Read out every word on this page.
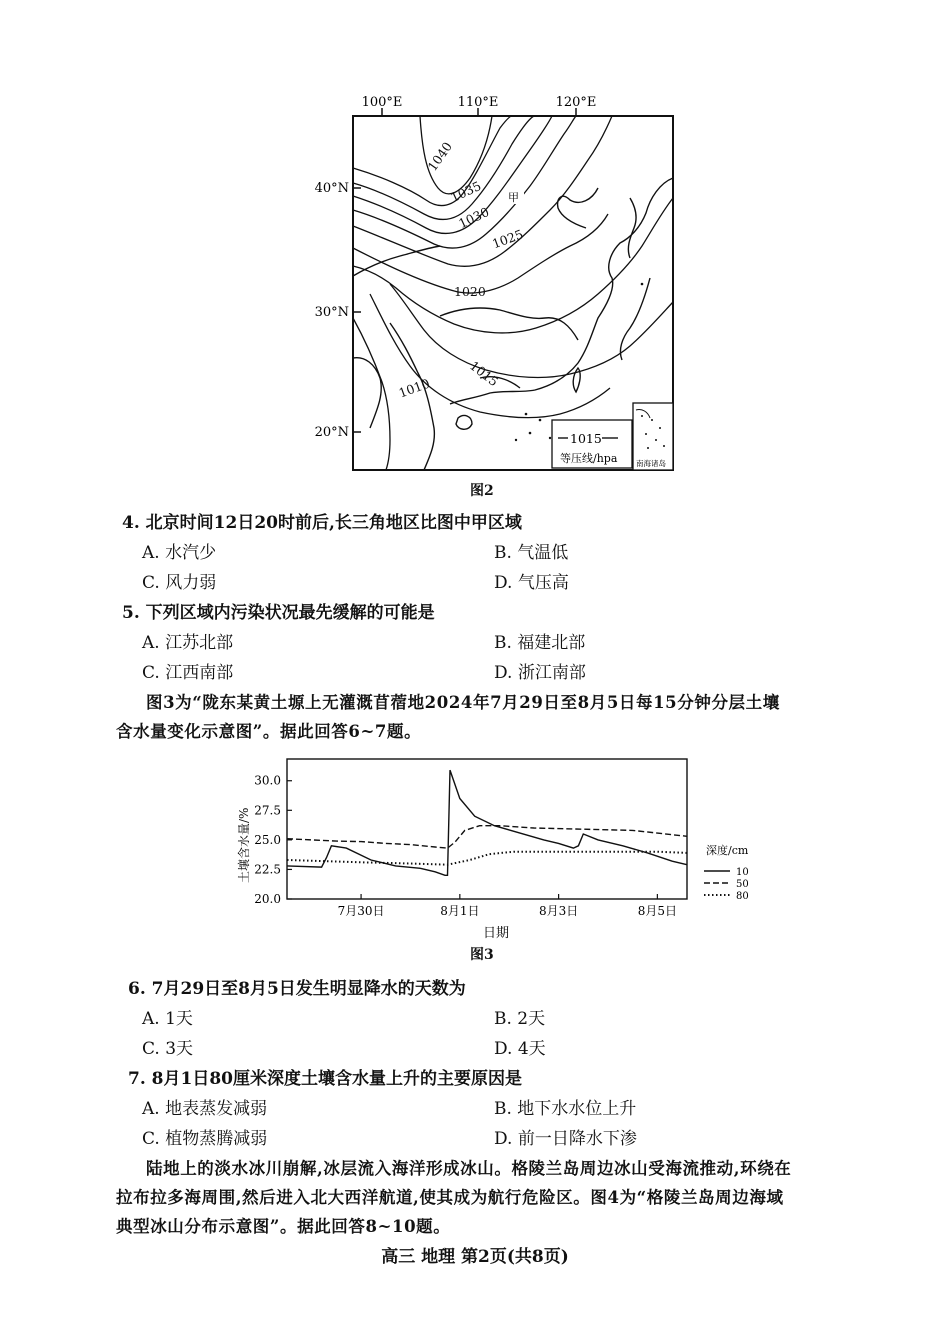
100°E	110°E	120°E
40°N
30°N
20°N
1040
1035
1030
1025
1020
1015
1010
甲
1015
等压线/hpa 南海诸岛
图2
4. 北京时间12日20时前后,长三角地区比图中甲区域
A. 水汽少	B. 气温低
C. 风力弱	D. 气压高
5. 下列区域内污染状况最先缓解的可能是
A. 江苏北部	B. 福建北部
C. 江西南部	D. 浙江南部
图3为“陇东某黄土塬上无灌溉苜蓿地2024年7月29日至8月5日每15分钟分层土壤
含水量变化示意图”。据此回答6~7题。
20.0
22.5
25.0
27.5
30.0
7月30日	8月1日	8月3日	8月5日
土壤含水量/%
日期
深度/cm
10
50
80
图3
6. 7月29日至8月5日发生明显降水的天数为
A. 1天	B. 2天
C. 3天	D. 4天
7. 8月1日80厘米深度土壤含水量上升的主要原因是
A. 地表蒸发减弱	B. 地下水水位上升
C. 植物蒸腾减弱	D. 前一日降水下渗
陆地上的淡水冰川崩解,冰层流入海洋形成冰山。格陵兰岛周边冰山受海流推动,环绕在
拉布拉多海周围,然后进入北大西洋航道,使其成为航行危险区。图4为“格陵兰岛周边海域
典型冰山分布示意图”。据此回答8~10题。
高三 地理 第2页(共8页)
